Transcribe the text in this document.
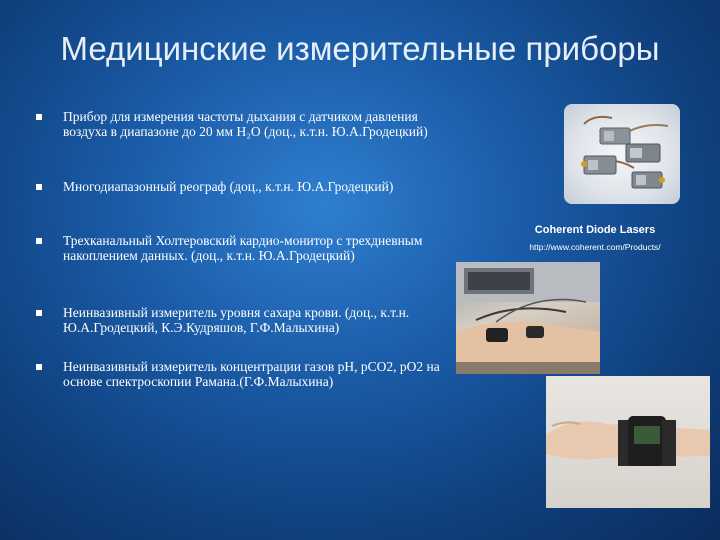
Медицинские измерительные приборы
Прибор для измерения частоты дыхания с датчиком давления воздуха в диапазоне до 20 мм H₂O (доц., к.т.н. Ю.А.Гродецкий)
Многодиапазонный реограф (доц., к.т.н. Ю.А.Гродецкий)
Трехканальный Холтеровский кардио-монитор с трехдневным накоплением данных. (доц., к.т.н. Ю.А.Гродецкий)
Неинвазивный измеритель уровня сахара крови. (доц., к.т.н. Ю.А.Гродецкий, К.Э.Кудряшов, Г.Ф.Малыхина)
Неинвазивный измеритель концентрации газов pH, pCO2, pO2 на основе спектроскопии Рамана.(Г.Ф.Малыхина)
Coherent Diode Lasers
http://www.coherent.com/Products/
